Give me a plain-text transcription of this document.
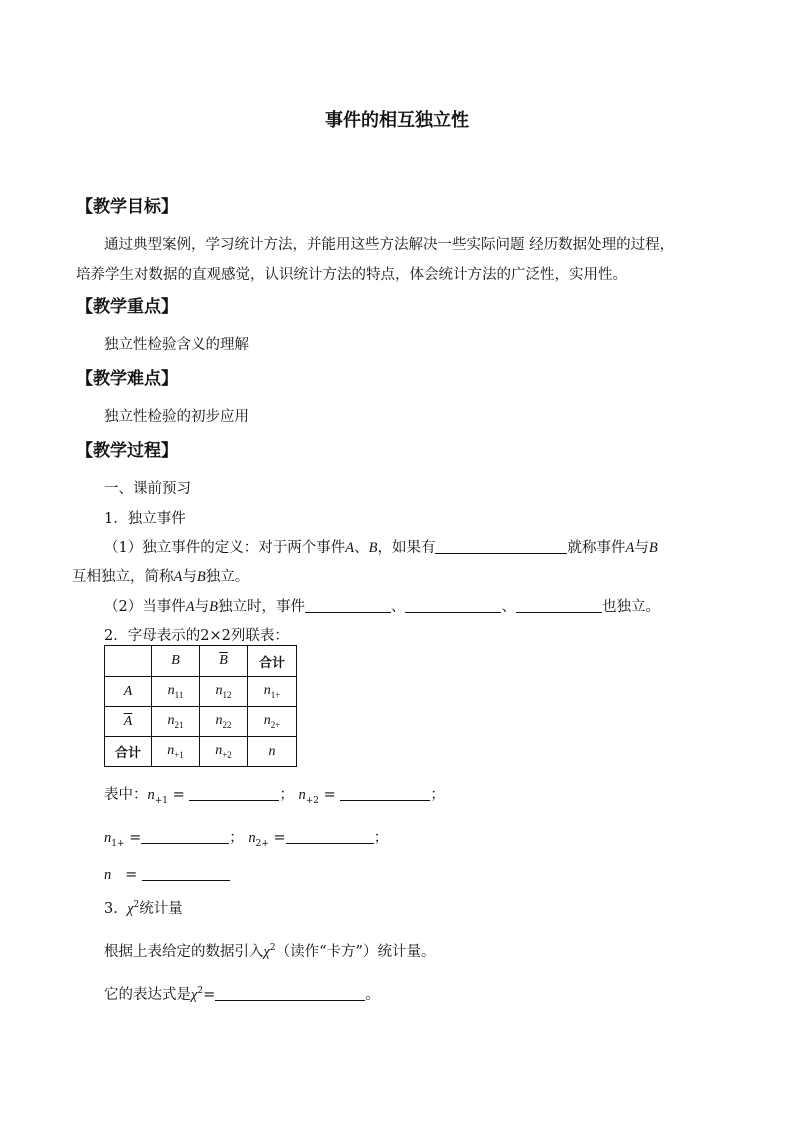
事件的相互独立性
【教学目标】
通过典型案例，学习统计方法，并能用这些方法解决一些实际问题 经历数据处理的过程，
培养学生对数据的直观感觉，认识统计方法的特点，体会统计方法的广泛性，实用性。
【教学重点】
独立性检验含义的理解
【教学难点】
独立性检验的初步应用
【教学过程】
一、课前预习
1．独立事件
（1）独立事件的定义：对于两个事件A、B，如果有	就称事件A与B
互相独立，简称A与B独立。
（2）当事件A与B独立时，事件	、	、	也独立。
2．字母表示的2×2列联表：
	B	$\overline{B}$	合计
A	$n_{11}$	$n_{12}$	$n_{1+}$
$\overline{A}$	$n_{21}$	$n_{22}$	$n_{2+}$
合计	$n_{+1}$	$n_{+2}$	n
表中：$n_{+1}$ =	； $n_{+2}$ =	；
$n_{1+}$ =	； $n_{2+}$ =	；
n =
3. $\chi^2$统计量
根据上表给定的数据引入$\chi^2$（读作“卡方”）统计量。
它的表达式是$\chi^2=$	。
